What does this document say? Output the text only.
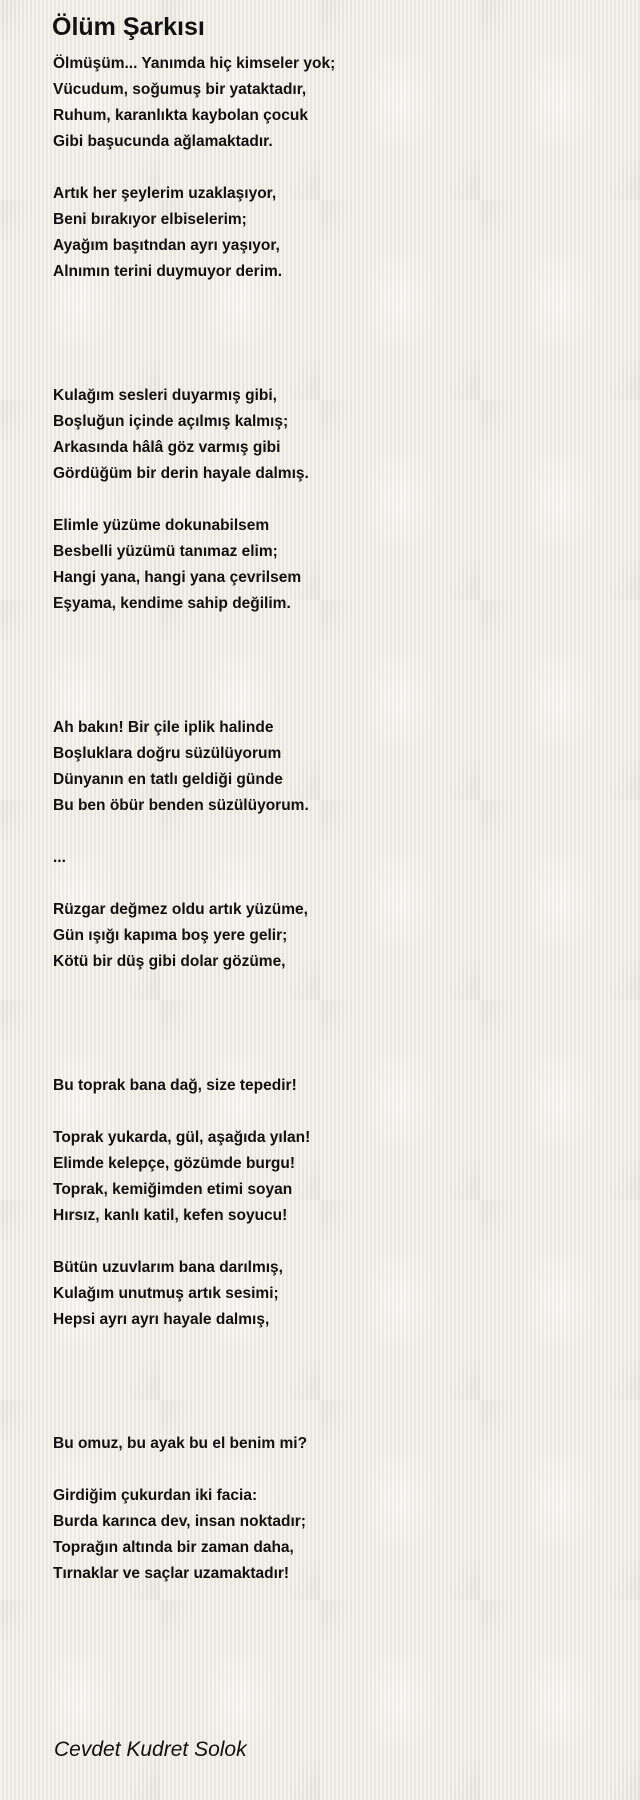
Ölüm Şarkısı

Ölmüşüm... Yanımda hiç kimseler yok;
Vücudum, soğumuş bir yataktadır,
Ruhum, karanlıkta kaybolan çocuk
Gibi başucunda ağlamaktadır.

Artık her şeylerim uzaklaşıyor,
Beni bırakıyor elbiselerim;
Ayağım başıtndan ayrı yaşıyor,
Alnımın terini duymuyor derim.

Kulağım sesleri duyarmış gibi,
Boşluğun içinde açılmış kalmış;
Arkasında hâlâ göz varmış gibi
Gördüğüm bir derin hayale dalmış.

Elimle yüzüme dokunabilsem
Besbelli yüzümü tanımaz elim;
Hangi yana, hangi yana çevrilsem
Eşyama, kendime sahip değilim.

Ah bakın! Bir çile iplik halinde
Boşluklara doğru süzülüyorum
Dünyanın en tatlı geldiği günde
Bu ben öbür benden süzülüyorum.

...

Rüzgar değmez oldu artık yüzüme,
Gün ışığı kapıma boş yere gelir;
Kötü bir düş gibi dolar gözüme,

Bu toprak bana dağ, size tepedir!

Toprak yukarda, gül, aşağıda yılan!
Elimde kelepçe, gözümde burgu!
Toprak, kemiğimden etimi soyan
Hırsız, kanlı katil, kefen soyucu!

Bütün uzuvlarım bana darılmış,
Kulağım unutmuş artık sesimi;
Hepsi ayrı ayrı hayale dalmış,

Bu omuz, bu ayak bu el benim mi?

Girdiğim çukurdan iki facia:
Burda karınca dev, insan noktadır;
Toprağın altında bir zaman daha,
Tırnaklar ve saçlar uzamaktadır!

Cevdet Kudret Solok
